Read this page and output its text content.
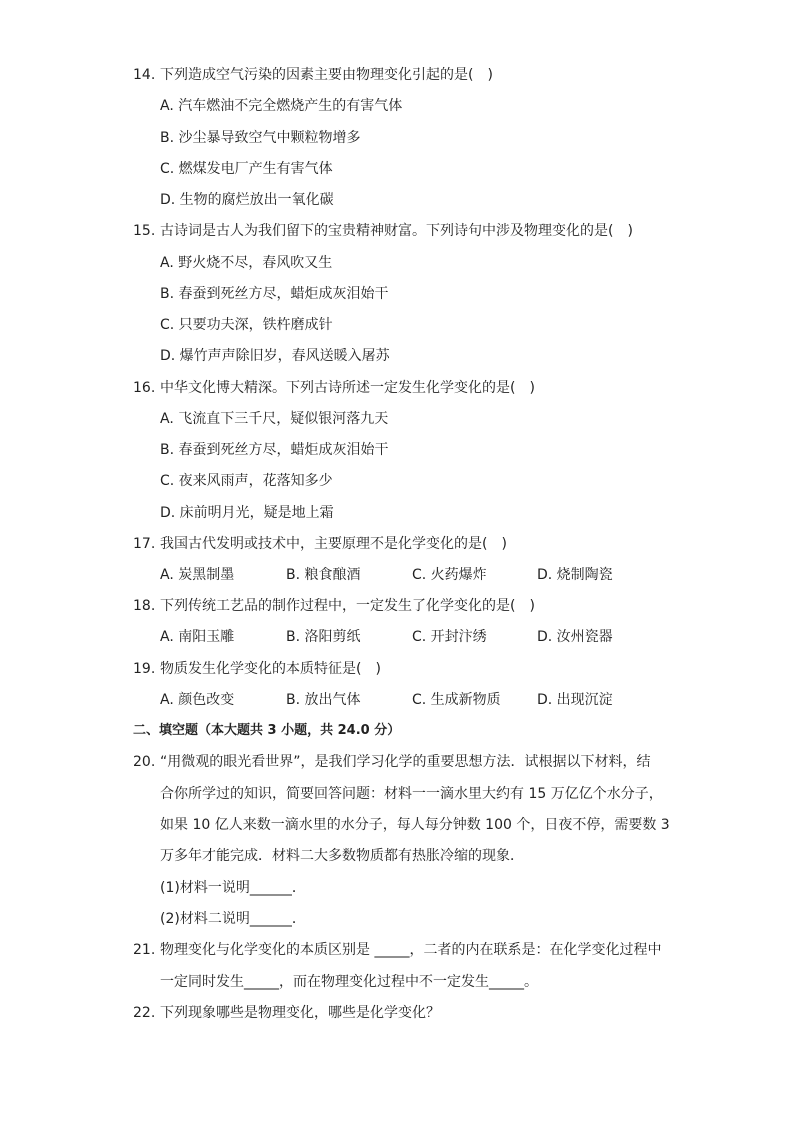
14. 下列造成空气污染的因素主要由物理变化引起的是(　)
A. 汽车燃油不完全燃烧产生的有害气体
B. 沙尘暴导致空气中颗粒物增多
C. 燃煤发电厂产生有害气体
D. 生物的腐烂放出一氧化碳
15. 古诗词是古人为我们留下的宝贵精神财富。下列诗句中涉及物理变化的是(　)
A. 野火烧不尽，春风吹又生
B. 春蚕到死丝方尽，蜡炬成灰泪始干
C. 只要功夫深，铁杵磨成针
D. 爆竹声声除旧岁，春风送暖入屠苏
16. 中华文化博大精深。下列古诗所述一定发生化学变化的是(　)
A. 飞流直下三千尺，疑似银河落九天
B. 春蚕到死丝方尽，蜡炬成灰泪始干
C. 夜来风雨声，花落知多少
D. 床前明月光，疑是地上霜
17. 我国古代发明或技术中，主要原理不是化学变化的是(　)
A. 炭黑制墨	B. 粮食酿酒	C. 火药爆炸	D. 烧制陶瓷
18. 下列传统工艺品的制作过程中，一定发生了化学变化的是(　)
A. 南阳玉雕	B. 洛阳剪纸	C. 开封汴绣	D. 汝州瓷器
19. 物质发生化学变化的本质特征是(　)
A. 颜色改变	B. 放出气体	C. 生成新物质	D. 出现沉淀
二、填空题（本大题共 3 小题，共 24.0 分）
20. “用微观的眼光看世界”，是我们学习化学的重要思想方法．试根据以下材料，结
合你所学过的知识，简要回答问题：材料一一滴水里大约有 15 万亿亿个水分子，
如果 10 亿人来数一滴水里的水分子，每人每分钟数 100 个，日夜不停，需要数 3
万多年才能完成．材料二大多数物质都有热胀冷缩的现象．
(1)材料一说明______．
(2)材料二说明______．
21. 物理变化与化学变化的本质区别是 _____，二者的内在联系是：在化学变化过程中
一定同时发生_____，而在物理变化过程中不一定发生_____。
22. 下列现象哪些是物理变化，哪些是化学变化？
